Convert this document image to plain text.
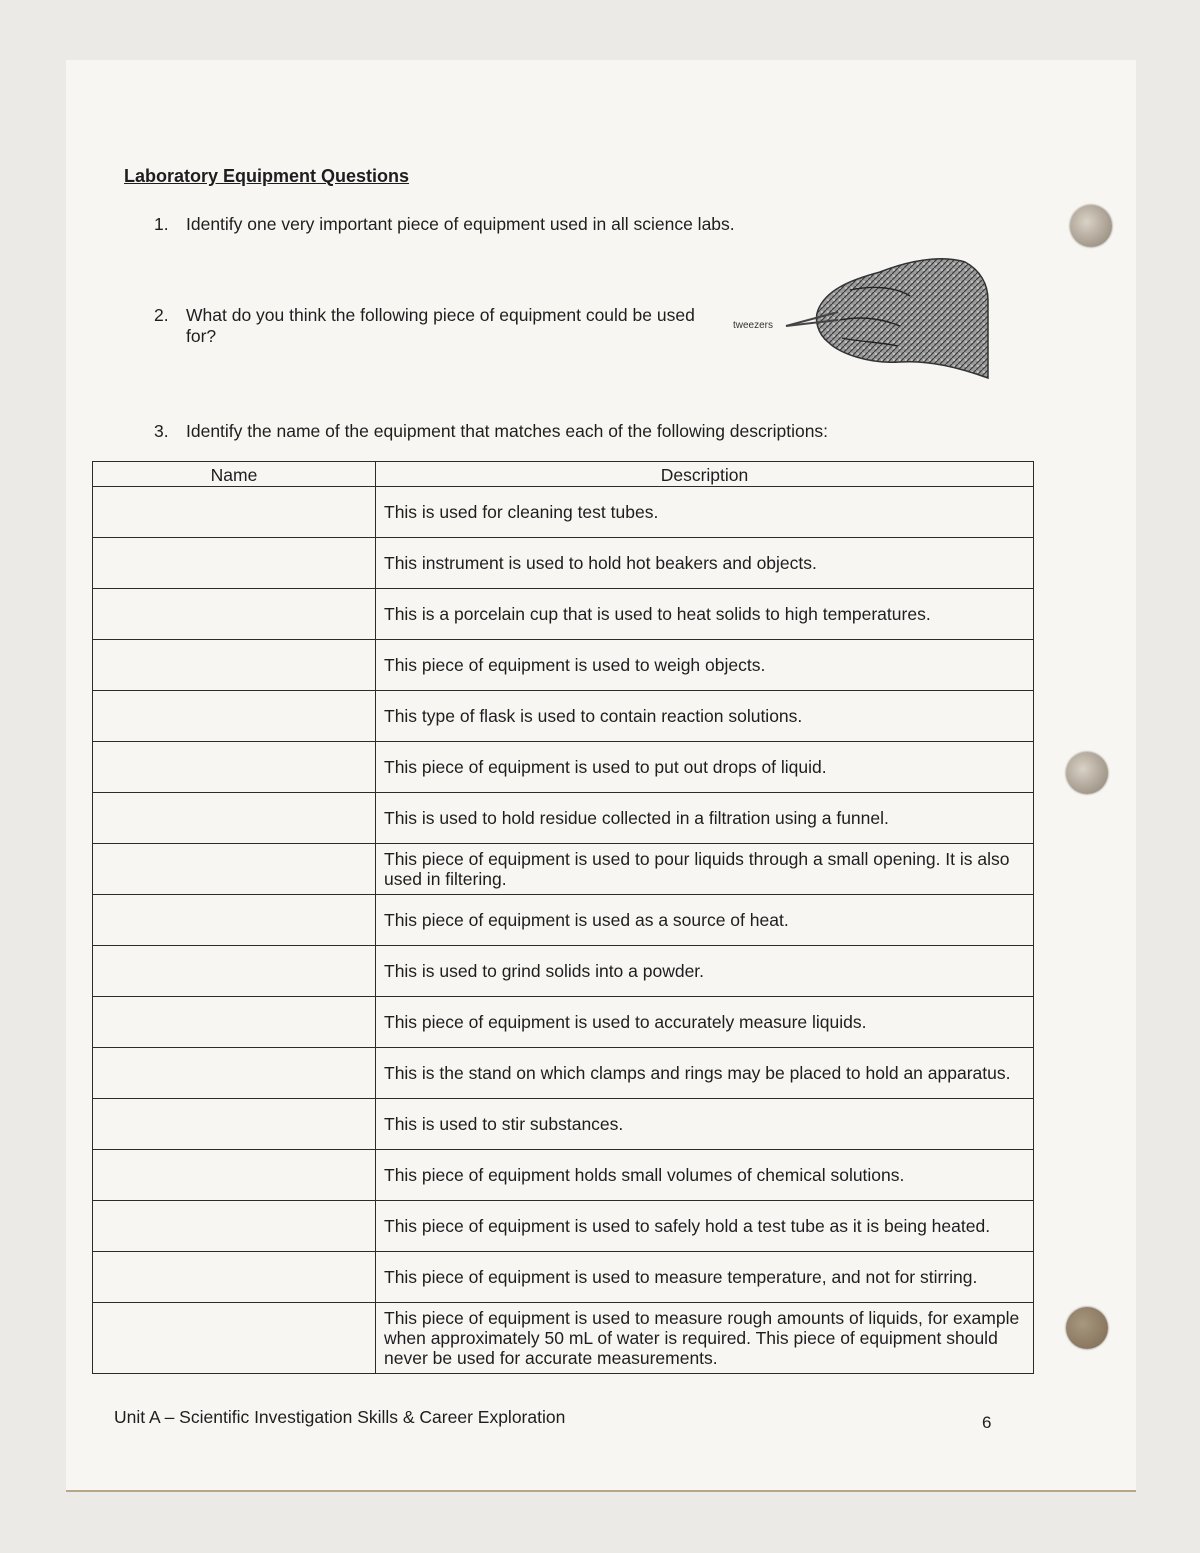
Laboratory Equipment Questions
1. Identify one very important piece of equipment used in all science labs.
2. What do you think the following piece of equipment could be used for?
tweezers
3. Identify the name of the equipment that matches each of the following descriptions:
Name	Description
	This is used for cleaning test tubes.
	This instrument is used to hold hot beakers and objects.
	This is a porcelain cup that is used to heat solids to high temperatures.
	This piece of equipment is used to weigh objects.
	This type of flask is used to contain reaction solutions.
	This piece of equipment is used to put out drops of liquid.
	This is used to hold residue collected in a filtration using a funnel.
	This piece of equipment is used to pour liquids through a small opening. It is also used in filtering.
	This piece of equipment is used as a source of heat.
	This is used to grind solids into a powder.
	This piece of equipment is used to accurately measure liquids.
	This is the stand on which clamps and rings may be placed to hold an apparatus.
	This is used to stir substances.
	This piece of equipment holds small volumes of chemical solutions.
	This piece of equipment is used to safely hold a test tube as it is being heated.
	This piece of equipment is used to measure temperature, and not for stirring.
	This piece of equipment is used to measure rough amounts of liquids, for example when approximately 50 mL of water is required. This piece of equipment should never be used for accurate measurements.
Unit A – Scientific Investigation Skills & Career Exploration	6
